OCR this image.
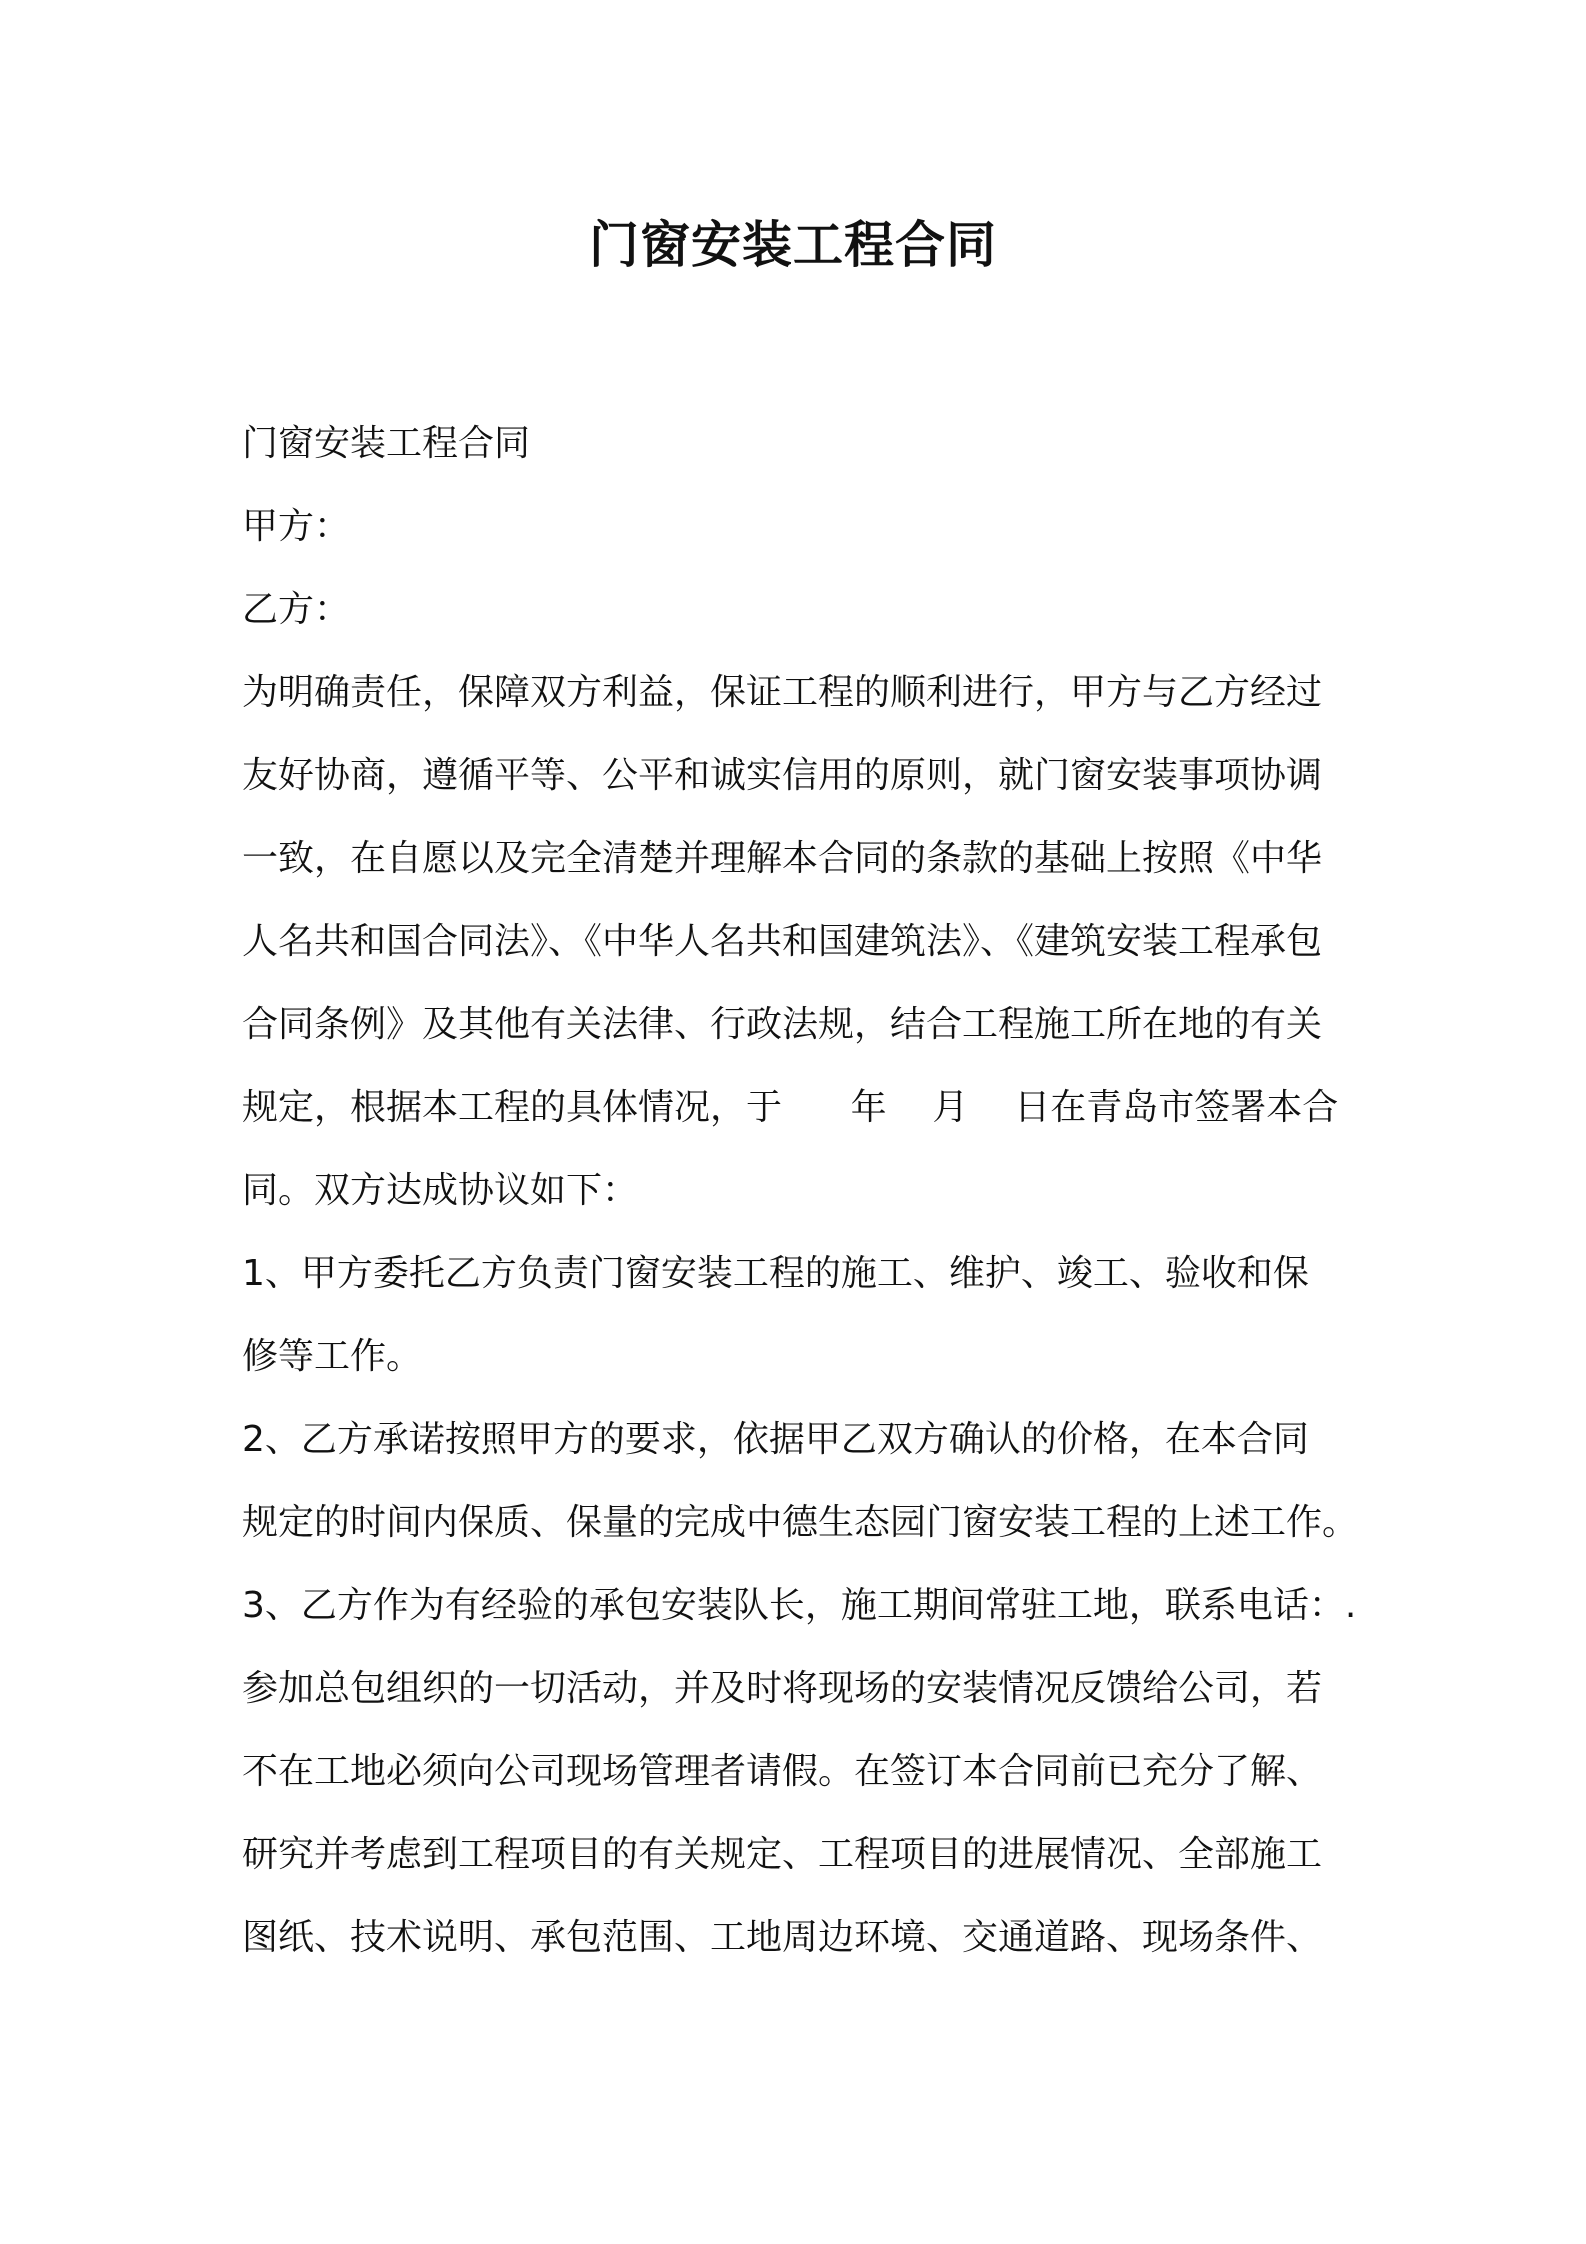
门窗安装工程合同
门窗安装工程合同
甲方：
乙方：
为明确责任，保障双方利益，保证工程的顺利进行，甲方与乙方经过
友好协商，遵循平等、公平和诚实信用的原则，就门窗安装事项协调
一致，在自愿以及完全清楚并理解本合同的条款的基础上按照《中华
人名共和国合同法》、《中华人名共和国建筑法》、《建筑安装工程承包
合同条例》及其他有关法律、行政法规，结合工程施工所在地的有关
规定，根据本工程的具体情况，于      年    月    日在青岛市签署本合
同。双方达成协议如下：
1、甲方委托乙方负责门窗安装工程的施工、维护、竣工、验收和保
修等工作。
2、乙方承诺按照甲方的要求，依据甲乙双方确认的价格，在本合同
规定的时间内保质、保量的完成中德生态园门窗安装工程的上述工作。
3、乙方作为有经验的承包安装队长，施工期间常驻工地，联系电话：.
参加总包组织的一切活动，并及时将现场的安装情况反馈给公司，若
不在工地必须向公司现场管理者请假。在签订本合同前已充分了解、
研究并考虑到工程项目的有关规定、工程项目的进展情况、全部施工
图纸、技术说明、承包范围、工地周边环境、交通道路、现场条件、
